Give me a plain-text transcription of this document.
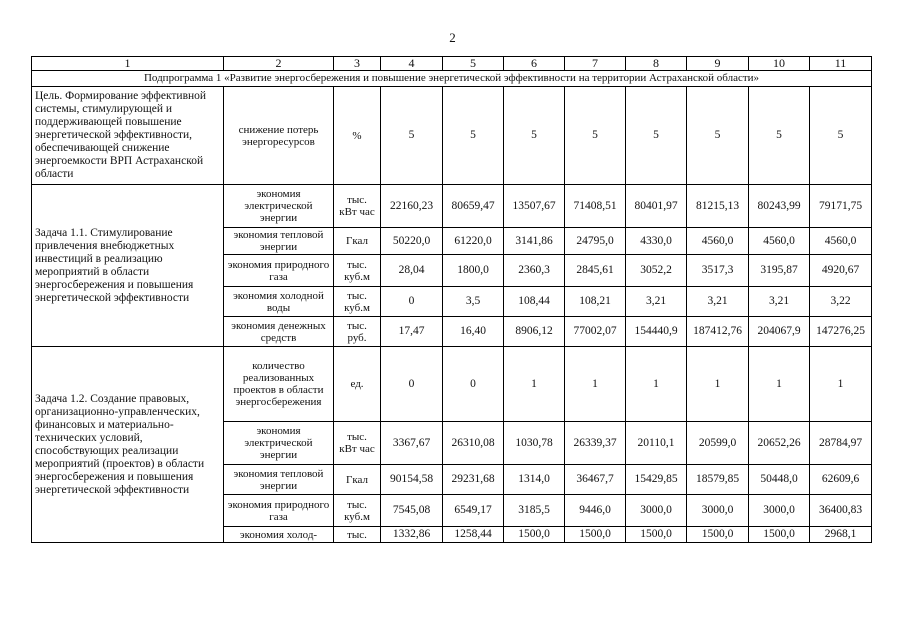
2
1	2	3	4	5	6	7	8	9	10	11
Подпрограмма 1 «Развитие энергосбережения и повышение энергетической эффективности на территории Астраханской области»										
Цель. Формирование эффективной системы, стимулирующей и поддерживающей повышение энергетической эффективности, обеспечивающей снижение энергоемкости ВРП Астраханской области	снижение потерь энергоресурсов	%	5	5	5	5	5	5	5	5
Задача 1.1. Стимулирование привлечения внебюджетных инвестиций в реализацию мероприятий в области энергосбережения и повышения энергетической эффективности	экономия электрической энергии	тыс. кВт час	22160,23	80659,47	13507,67	71408,51	80401,97	81215,13	80243,99	79171,75
	экономия тепловой энергии	Гкал	50220,0	61220,0	3141,86	24795,0	4330,0	4560,0	4560,0	4560,0
	экономия природного газа	тыс. куб.м	28,04	1800,0	2360,3	2845,61	3052,2	3517,3	3195,87	4920,67
	экономия холодной воды	тыс. куб.м	0	3,5	108,44	108,21	3,21	3,21	3,21	3,22
	экономия денежных средств	тыс. руб.	17,47	16,40	8906,12	77002,07	154440,9	187412,76	204067,9	147276,25
Задача 1.2. Создание правовых, организационно-управленческих, финансовых и материально-технических условий, способствующих реализации мероприятий (проектов) в области энергосбережения и повышения энергетической эффективности	количество реализованных проектов в области энергосбережения	ед.	0	0	1	1	1	1	1	1
	экономия электрической энергии	тыс. кВт час	3367,67	26310,08	1030,78	26339,37	20110,1	20599,0	20652,26	28784,97
	экономия тепловой энергии	Гкал	90154,58	29231,68	1314,0	36467,7	15429,85	18579,85	50448,0	62609,6
	экономия природного газа	тыс. куб.м	7545,08	6549,17	3185,5	9446,0	3000,0	3000,0	3000,0	36400,83
	экономия холод-	тыс.	1332,86	1258,44	1500,0	1500,0	1500,0	1500,0	1500,0	2968,1
